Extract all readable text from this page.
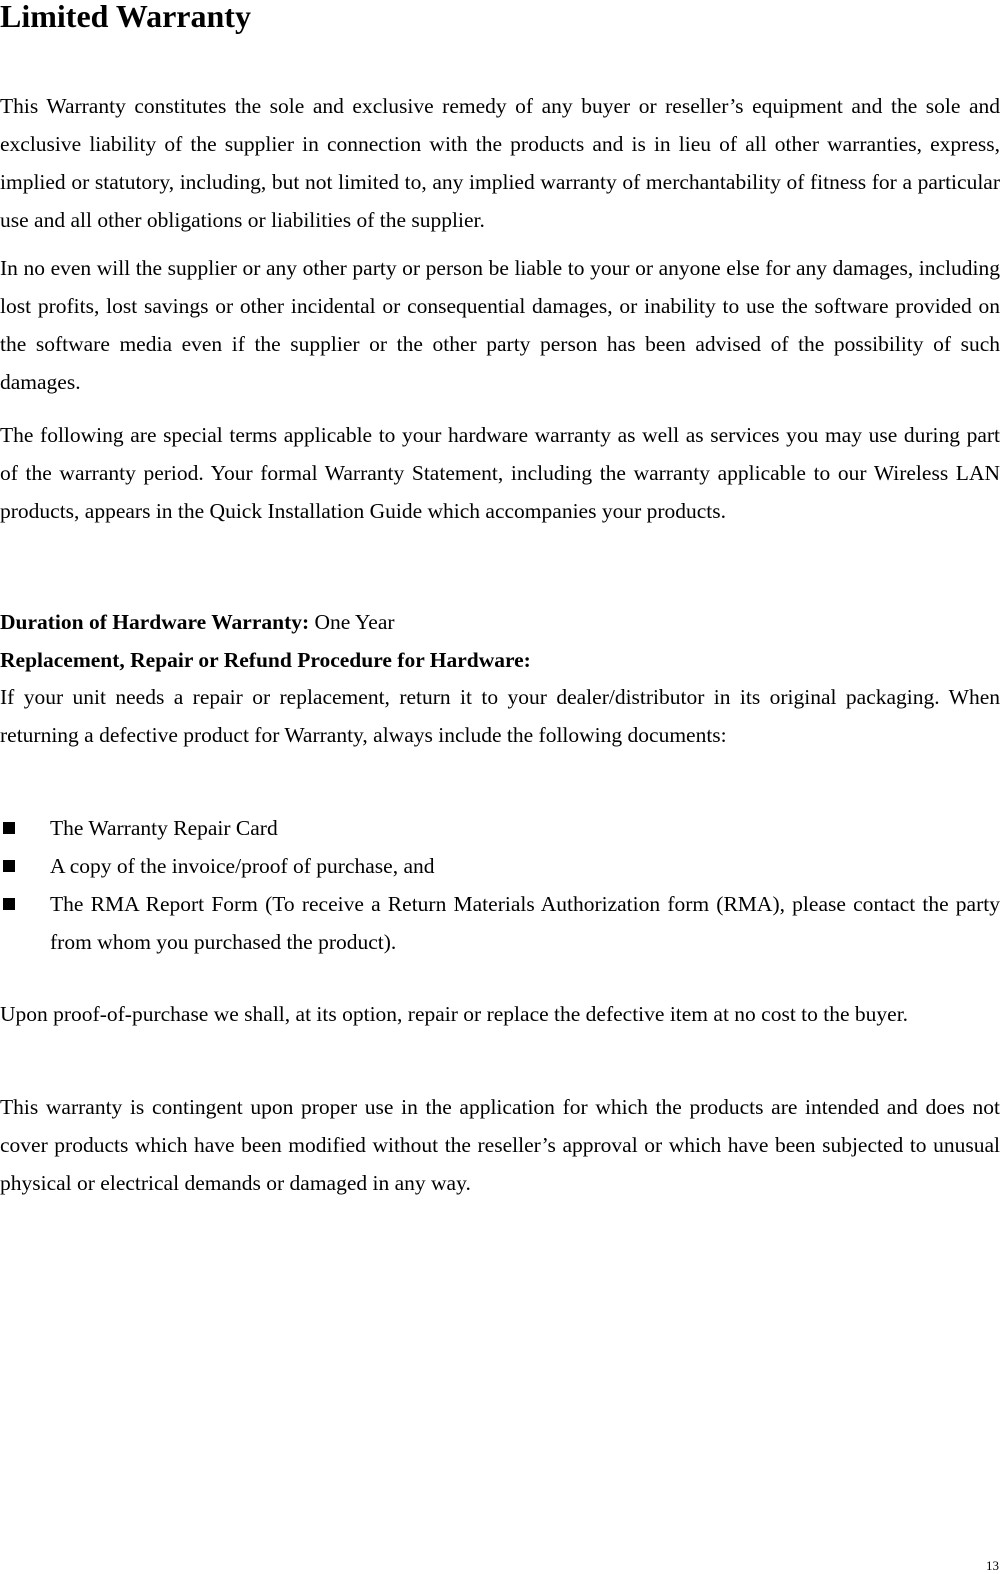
Limited Warranty

This Warranty constitutes the sole and exclusive remedy of any buyer or reseller’s equipment and the sole and exclusive liability of the supplier in connection with the products and is in lieu of all other warranties, express, implied or statutory, including, but not limited to, any implied warranty of merchantability of fitness for a particular use and all other obligations or liabilities of the supplier.

In no even will the supplier or any other party or person be liable to your or anyone else for any damages, including lost profits, lost savings or other incidental or consequential damages, or inability to use the software provided on the software media even if the supplier or the other party person has been advised of the possibility of such damages.

The following are special terms applicable to your hardware warranty as well as services you may use during part of the warranty period. Your formal Warranty Statement, including the warranty applicable to our Wireless LAN products, appears in the Quick Installation Guide which accompanies your products.

Duration of Hardware Warranty: One Year
Replacement, Repair or Refund Procedure for Hardware:

If your unit needs a repair or replacement, return it to your dealer/distributor in its original packaging. When returning a defective product for Warranty, always include the following documents:

The Warranty Repair Card
A copy of the invoice/proof of purchase, and
The RMA Report Form (To receive a Return Materials Authorization form (RMA), please contact the party from whom you purchased the product).

Upon proof-of-purchase we shall, at its option, repair or replace the defective item at no cost to the buyer.

This warranty is contingent upon proper use in the application for which the products are intended and does not cover products which have been modified without the reseller’s approval or which have been subjected to unusual physical or electrical demands or damaged in any way.

13
